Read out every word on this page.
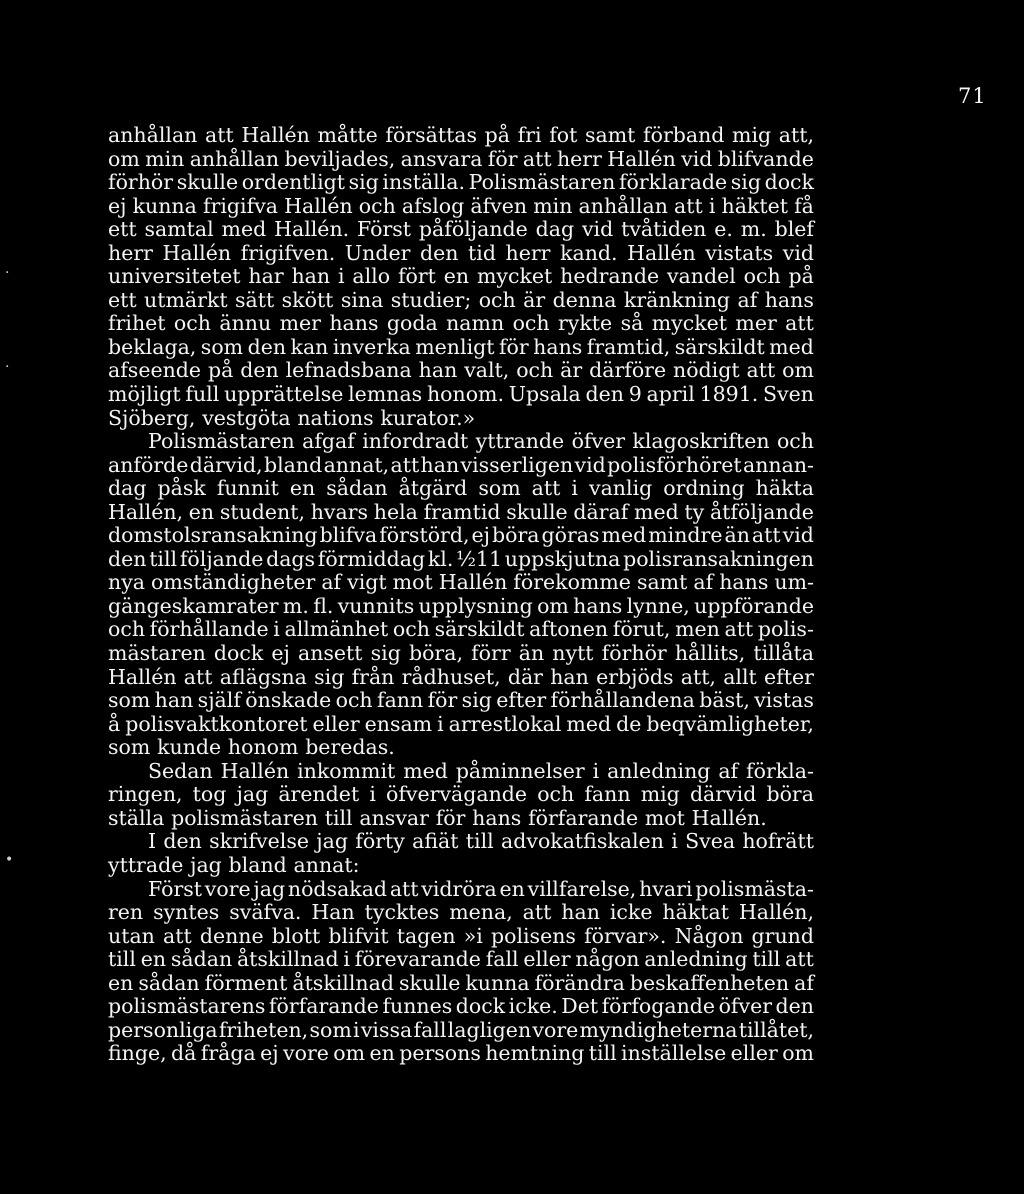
71
·
·
•
anhållan att Hallén måtte försättas på fri fot samt förband mig att,
om min anhållan beviljades, ansvara för att herr Hallén vid blifvande
förhör skulle ordentligt sig inställa. Polismästaren förklarade sig dock
ej kunna frigifva Hallén och afslog äfven min anhållan att i häktet få
ett samtal med Hallén. Först påföljande dag vid tvåtiden e. m. blef
herr Hallén frigifven. Under den tid herr kand. Hallén vistats vid
universitetet har han i allo fört en mycket hedrande vandel och på
ett utmärkt sätt skött sina studier; och är denna kränkning af hans
frihet och ännu mer hans goda namn och rykte så mycket mer att
beklaga, som den kan inverka menligt för hans framtid, särskildt med
afseende på den lefnadsbana han valt, och är därföre nödigt att om
möjligt full upprättelse lemnas honom. Upsala den 9 april 1891. Sven
Sjöberg, vestgöta nations kurator.»
Polismästaren afgaf infordradt yttrande öfver klagoskriften och
anförde därvid, bland annat, att han visserligen vid polisförhöret annan-
dag påsk funnit en sådan åtgärd som att i vanlig ordning häkta
Hallén, en student, hvars hela framtid skulle däraf med ty åtföljande
domstolsransakning blifva förstörd, ej böra göras med mindre än att vid
den till följande dags förmiddag kl. ½11 uppskjutna polisransakningen
nya omständigheter af vigt mot Hallén förekomme samt af hans um-
gängeskamrater m. fl. vunnits upplysning om hans lynne, uppförande
och förhållande i allmänhet och särskildt aftonen förut, men att polis-
mästaren dock ej ansett sig böra, förr än nytt förhör hållits, tillåta
Hallén att aflägsna sig från rådhuset, där han erbjöds att, allt efter
som han själf önskade och fann för sig efter förhållandena bäst, vistas
å polisvaktkontoret eller ensam i arrestlokal med de beqvämligheter,
som kunde honom beredas.
Sedan Hallén inkommit med påminnelser i anledning af förkla-
ringen, tog jag ärendet i öfvervägande och fann mig därvid böra
ställa polismästaren till ansvar för hans förfarande mot Hallén.
I den skrifvelse jag förty afiät till advokatfiskalen i Svea hofrätt
yttrade jag bland annat:
Först vore jag nödsakad att vidröra en villfarelse, hvari polismästa-
ren syntes sväfva. Han tycktes mena, att han icke häktat Hallén,
utan att denne blott blifvit tagen »i polisens förvar». Någon grund
till en sådan åtskillnad i förevarande fall eller någon anledning till att
en sådan förment åtskillnad skulle kunna förändra beskaffenheten af
polismästarens förfarande funnes dock icke. Det förfogande öfver den
personliga friheten, som i vissa fall lagligen vore myndigheterna tillåtet,
finge, då fråga ej vore om en persons hemtning till inställelse eller om
